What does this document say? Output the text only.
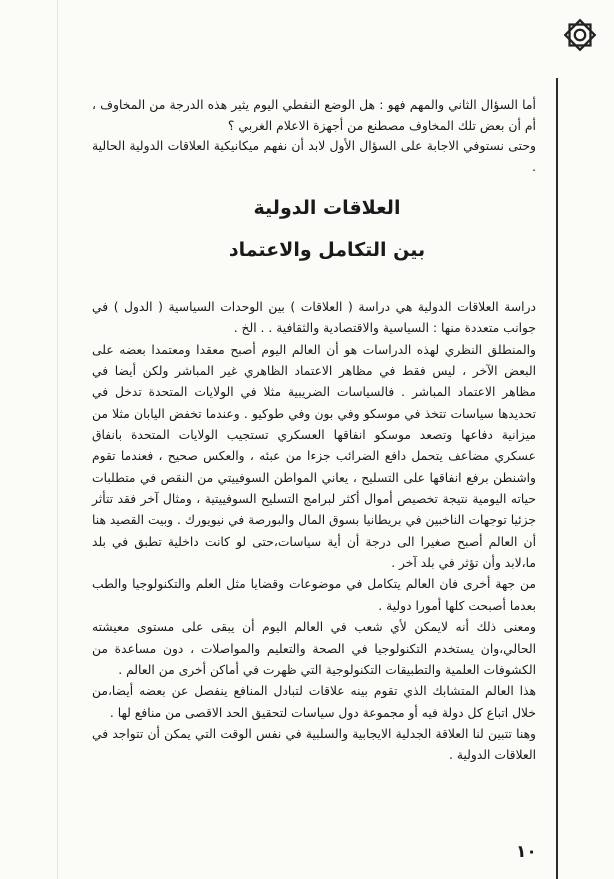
أما السؤال الثاني والمهم فهو : هل الوضع النفطي اليوم يثير هذه الدرجة من المخاوف ، أم أن بعض تلك المخاوف مصطنع من أجهزة الاعلام الغربي ؟

وحتى نستوفي الاجابة على السؤال الأول لابد أن نفهم ميكانيكية العلاقات الدولية الحالية .

العلاقات الدولية
بين التكامل والاعتماد

دراسة العلاقات الدولية هي دراسة ( العلاقات ) بين الوحدات السياسية ( الدول ) في جوانب متعددة منها : السياسية والاقتصادية والثقافية . . الخ .

والمنطلق النظري لهذه الدراسات هو أن العالم اليوم أصبح معقدا ومعتمدا بعضه على البعض الآخر ، ليس فقط في مظاهر الاعتماد الظاهري غير المباشر ولكن أيضا في مظاهر الاعتماد المباشر . فالسياسات الضريبية مثلا في الولايات المتحدة تدخل في تحديدها سياسات تتخذ في موسكو وفي بون وفي طوكيو . وعندما تخفض اليابان مثلا من ميزانية دفاعها وتصعد موسكو انفاقها العسكري تستجيب الولايات المتحدة بانفاق عسكري مضاعف يتحمل دافع الضرائب جزءا من عبئه ، والعكس صحيح ، فعندما تقوم واشنطن برفع انفاقها على التسليح ، يعاني المواطن السوفييتي من النقص في متطلبات حياته اليومية نتيجة تخصيص أموال أكثر لبرامج التسليح السوفييتية ، ومثال آخر فقد تتأثر جزئيا توجهات الناخبين في بريطانيا بسوق المال والبورصة في نيويورك . وبيت القصيد هنا أن العالم أصبح صغيرا الى درجة أن أية سياسات،حتى لو كانت داخلية تطبق في بلد ما،لابد وأن تؤثر في بلد آخر .

من جهة أخرى فان العالم يتكامل في موضوعات وقضايا مثل العلم والتكنولوجيا والطب بعدما أصبحت كلها أمورا دولية .

ومعنى ذلك أنه لايمكن لأي شعب في العالم اليوم أن يبقى على مستوى معيشته الحالي،وان يستخدم التكنولوجيا في الصحة والتعليم والمواصلات ، دون مساعدة من الكشوفات العلمية والتطبيقات التكنولوجية التي ظهرت في أماكن أخرى من العالم .

هذا العالم المتشابك الذي تقوم بينه علاقات لتبادل المنافع ينفصل عن بعضه أيضا،من خلال اتباع كل دولة فيه أو مجموعة دول سياسات لتحقيق الحد الاقصى من منافع لها .

وهنا تتبين لنا العلاقة الجدلية الايجابية والسلبية في نفس الوقت التي يمكن أن تتواجد في العلاقات الدولية .

١٠
